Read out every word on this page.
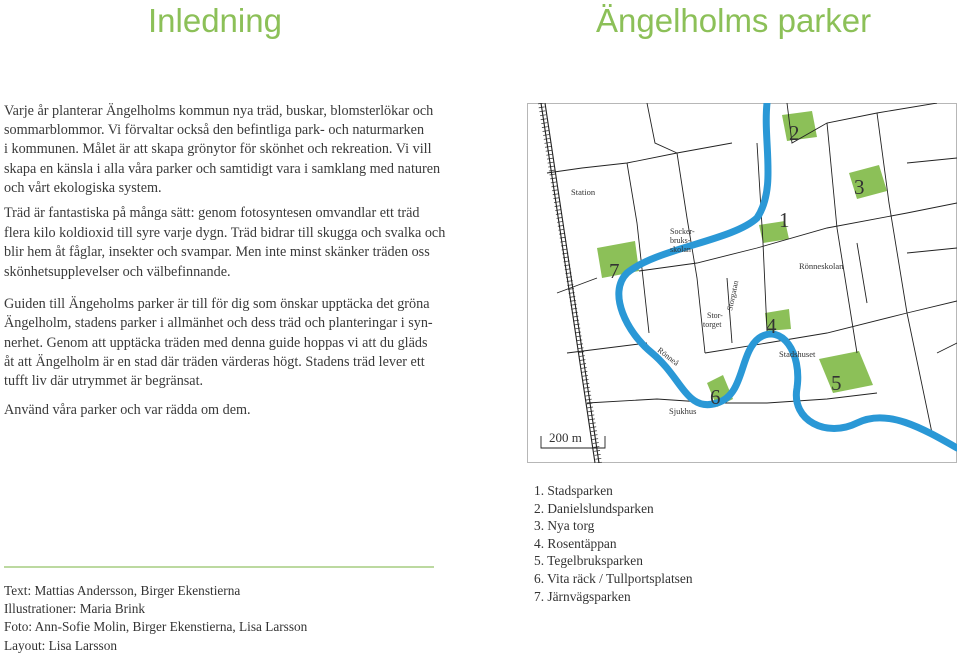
Inledning	Ängelholms parker

Varje år planterar Ängelholms kommun nya träd, buskar, blomsterlökar och
sommarblommor. Vi förvaltar också den befintliga park- och naturmarken
i kommunen. Målet är att skapa grönytor för skönhet och rekreation. Vi vill
skapa en känsla i alla våra parker och samtidigt vara i samklang med naturen
och vårt ekologiska system.

Träd är fantastiska på många sätt: genom fotosyntesen omvandlar ett träd
flera kilo koldioxid till syre varje dygn. Träd bidrar till skugga och svalka och
blir hem åt fåglar, insekter och svampar. Men inte minst skänker träden oss
skönhetsupplevelser och välbefinnande.

Guiden till Ängeholms parker är till för dig som önskar upptäcka det gröna
Ängelholm, stadens parker i allmänhet och dess träd och planteringar i syn-
nerhet. Genom att upptäcka träden med denna guide hoppas vi att du gläds
åt att Ängelholm är en stad där träden värderas högt. Stadens träd lever ett
tufft liv där utrymmet är begränsat.

Använd våra parker och var rädda om dem.

Text: Mattias Andersson, Birger Ekenstierna
Illustrationer: Maria Brink
Foto: Ann-Sofie Molin, Birger Ekenstierna, Lisa Larsson
Layout: Lisa Larsson
Station
Socker- bruks- skolan
Rönneskolan
Storgatan
Stor- torget
Stadshuset
Rönneå
Sjukhus
200 m
1
2
3
4
5
6
7
1. Stadsparken
2. Danielslundsparken
3. Nya torg
4. Rosentäppan
5. Tegelbruksparken
6. Vita räck / Tullportsplatsen
7. Järnvägsparken
